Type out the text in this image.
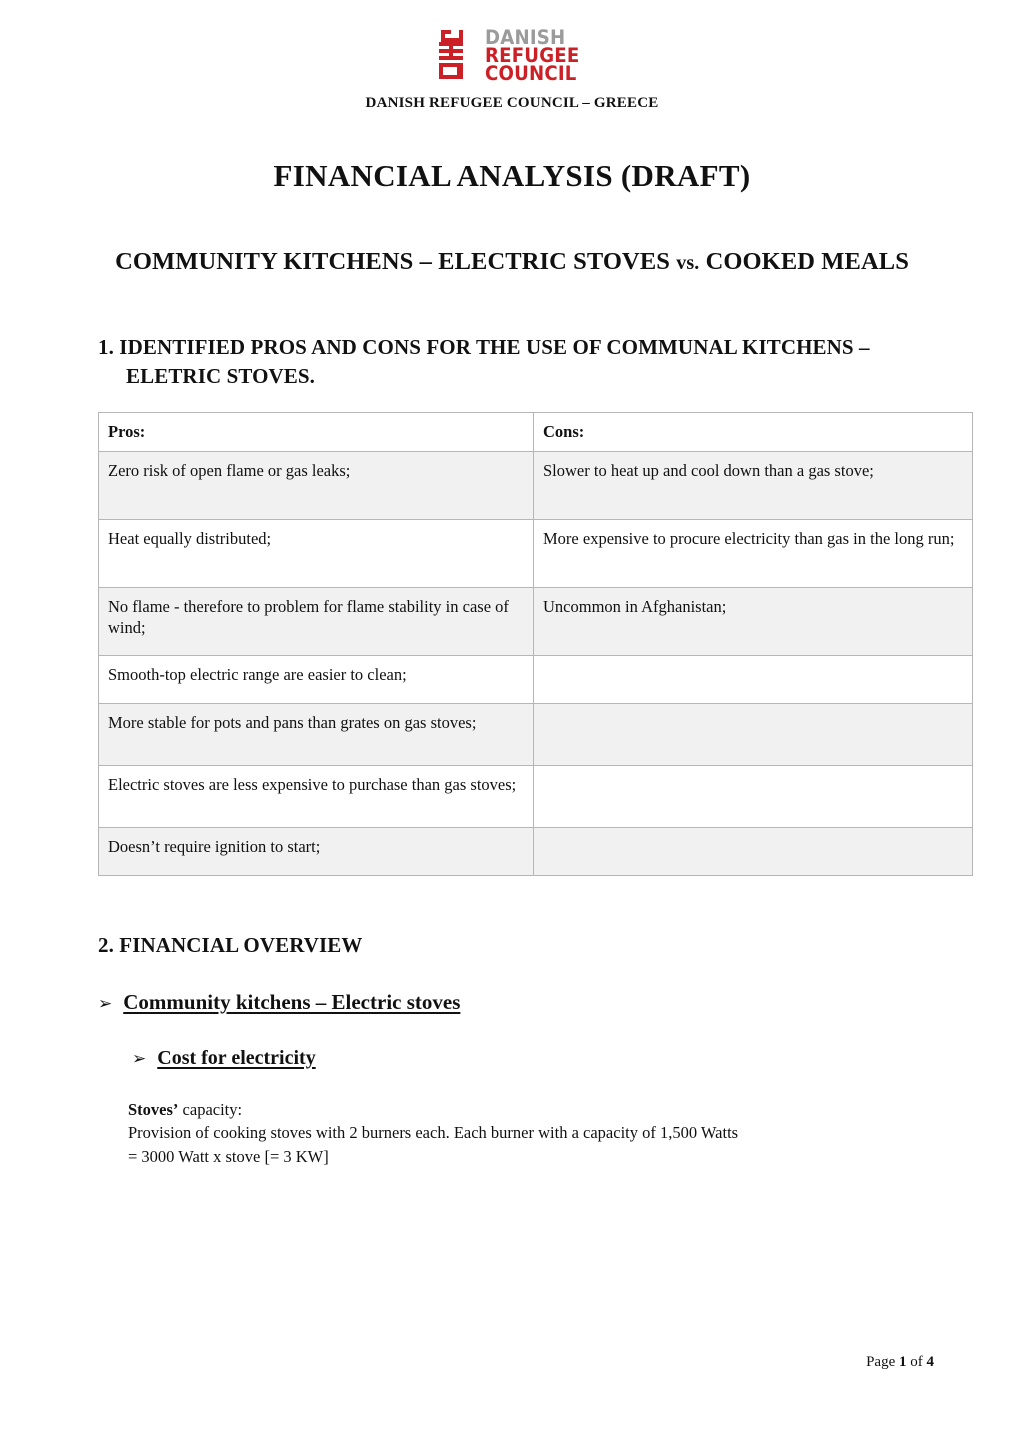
DANISH
REFUGEE
COUNCIL
DANISH REFUGEE COUNCIL – GREECE
FINANCIAL ANALYSIS (DRAFT)
COMMUNITY KITCHENS – ELECTRIC STOVES vs. COOKED MEALS
1. IDENTIFIED PROS AND CONS FOR THE USE OF COMMUNAL KITCHENS – ELETRIC STOVES.
Pros:	Cons:
Zero risk of open flame or gas leaks;	Slower to heat up and cool down than a gas stove;
Heat equally distributed;	More expensive to procure electricity than gas in the long run;
No flame - therefore to problem for flame stability in case of wind;	Uncommon in Afghanistan;
Smooth-top electric range are easier to clean;	
More stable for pots and pans than grates on gas stoves;	
Electric stoves are less expensive to purchase than gas stoves;	
Doesn’t require ignition to start;	
2. FINANCIAL OVERVIEW
➢ Community kitchens – Electric stoves
➢ Cost for electricity
Stoves’ capacity:
Provision of cooking stoves with 2 burners each. Each burner with a capacity of 1,500 Watts
= 3000 Watt x stove [= 3 KW]
Page 1 of 4
